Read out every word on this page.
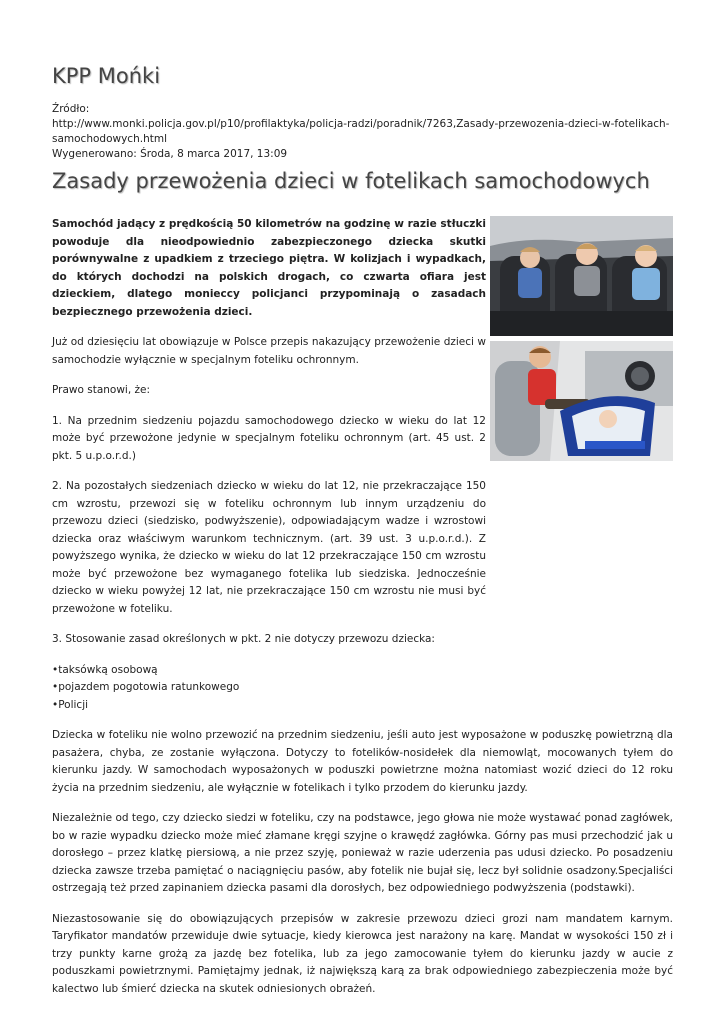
KPP Mońki
Źródło:
http://www.monki.policja.gov.pl/p10/profilaktyka/policja-radzi/poradnik/7263,Zasady-przewozenia-dzieci-w-fotelikach-samochodowych.html
Wygenerowano: Środa, 8 marca 2017, 13:09
Zasady przewożenia dzieci w fotelikach samochodowych

Samochód jadący z prędkością 50 kilometrów na godzinę w razie stłuczki powoduje dla nieodpowiednio zabezpieczonego dziecka skutki porównywalne z upadkiem z trzeciego piętra. W kolizjach i wypadkach, do których dochodzi na polskich drogach, co czwarta ofiara jest dzieckiem, dlatego monieccy policjanci przypominają o zasadach bezpiecznego przewożenia dzieci.

Już od dziesięciu lat obowiązuje w Polsce przepis nakazujący przewożenie dzieci w samochodzie wyłącznie w specjalnym foteliku ochronnym.

Prawo stanowi, że:

1. Na przednim siedzeniu pojazdu samochodowego dziecko w wieku do lat 12 może być przewożone jedynie w specjalnym foteliku ochronnym (art. 45 ust. 2 pkt. 5 u.p.o.r.d.)

2. Na pozostałych siedzeniach dziecko w wieku do lat 12, nie przekraczające 150 cm wzrostu, przewozi się w foteliku ochronnym lub innym urządzeniu do przewozu dzieci (siedzisko, podwyższenie), odpowiadającym wadze i wzrostowi dziecka oraz właściwym warunkom technicznym. (art. 39 ust. 3 u.p.o.r.d.). Z powyższego wynika, że dziecko w wieku do lat 12 przekraczające 150 cm wzrostu może być przewożone bez wymaganego fotelika lub siedziska. Jednocześnie dziecko w wieku powyżej 12 lat, nie przekraczające 150 cm wzrostu nie musi być przewożone w foteliku.

3. Stosowanie zasad określonych w pkt. 2 nie dotyczy przewozu dziecka:

• taksówką osobową
• pojazdem pogotowia ratunkowego
• Policji

Dziecka w foteliku nie wolno przewozić na przednim siedzeniu, jeśli auto jest wyposażone w poduszkę powietrzną dla pasażera, chyba, ze zostanie wyłączona. Dotyczy to fotelików-nosidełek dla niemowląt, mocowanych tyłem do kierunku jazdy. W samochodach wyposażonych w poduszki powietrzne można natomiast wozić dzieci do 12 roku życia na przednim siedzeniu, ale wyłącznie w fotelikach i tylko przodem do kierunku jazdy.

Niezależnie od tego, czy dziecko siedzi w foteliku, czy na podstawce, jego głowa nie może wystawać ponad zagłówek, bo w razie wypadku dziecko może mieć złamane kręgi szyjne o krawędź zagłówka. Górny pas musi przechodzić jak u dorosłego – przez klatkę piersiową, a nie przez szyję, ponieważ w razie uderzenia pas udusi dziecko. Po posadzeniu dziecka zawsze trzeba pamiętać o naciągnięciu pasów, aby fotelik nie bujał się, lecz był solidnie osadzony.Specjaliści ostrzegają też przed zapinaniem dziecka pasami dla dorosłych, bez odpowiedniego podwyższenia (podstawki).

Niezastosowanie się do obowiązujących przepisów w zakresie przewozu dzieci grozi nam mandatem karnym. Taryfikator mandatów przewiduje dwie sytuacje, kiedy kierowca jest narażony na karę. Mandat w wysokości 150 zł i trzy punkty karne grożą za jazdę bez fotelika, lub za jego zamocowanie tyłem do kierunku jazdy w aucie z poduszkami powietrznymi. Pamiętajmy jednak, iż największą karą za brak odpowiedniego zabezpieczenia może być kalectwo lub śmierć dziecka na skutek odniesionych obrażeń.
